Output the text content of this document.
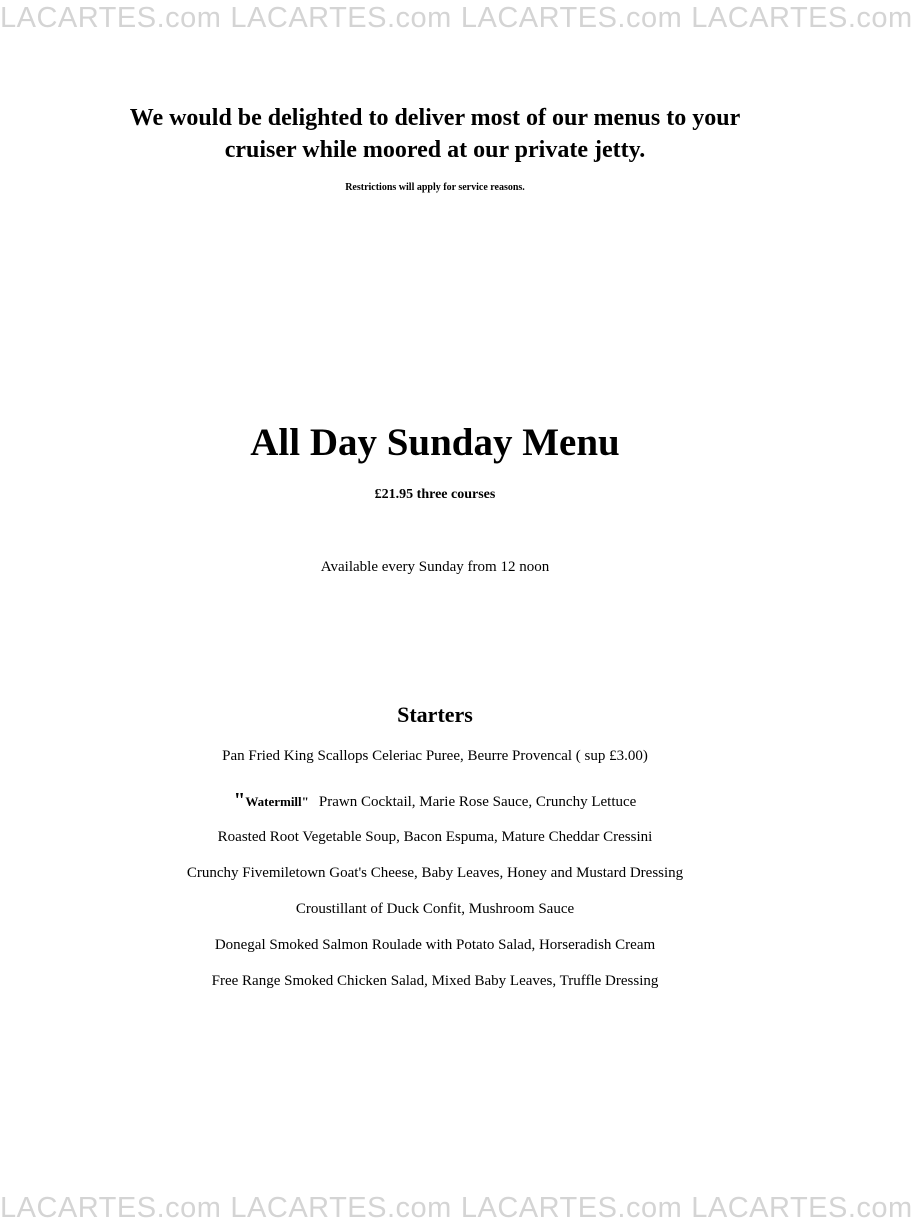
LACARTES.com LACARTES.com LACARTES.com LACARTES.com
We would be delighted to deliver most of our menus to your
cruiser while moored at our private jetty.
Restrictions will apply for service reasons.
All Day Sunday Menu
£21.95 three courses
Available every Sunday from 12 noon
Starters
Pan Fried King Scallops Celeriac Puree, Beurre Provencal ( sup £3.00)
"Watermill" Prawn Cocktail, Marie Rose Sauce, Crunchy Lettuce
Roasted Root Vegetable Soup, Bacon Espuma, Mature Cheddar Cressini
Crunchy Fivemiletown Goat's Cheese, Baby Leaves, Honey and Mustard Dressing
Croustillant of Duck Confit, Mushroom Sauce
Donegal Smoked Salmon Roulade with Potato Salad, Horseradish Cream
Free Range Smoked Chicken Salad, Mixed Baby Leaves, Truffle Dressing
LACARTES.com LACARTES.com LACARTES.com LACARTES.com
